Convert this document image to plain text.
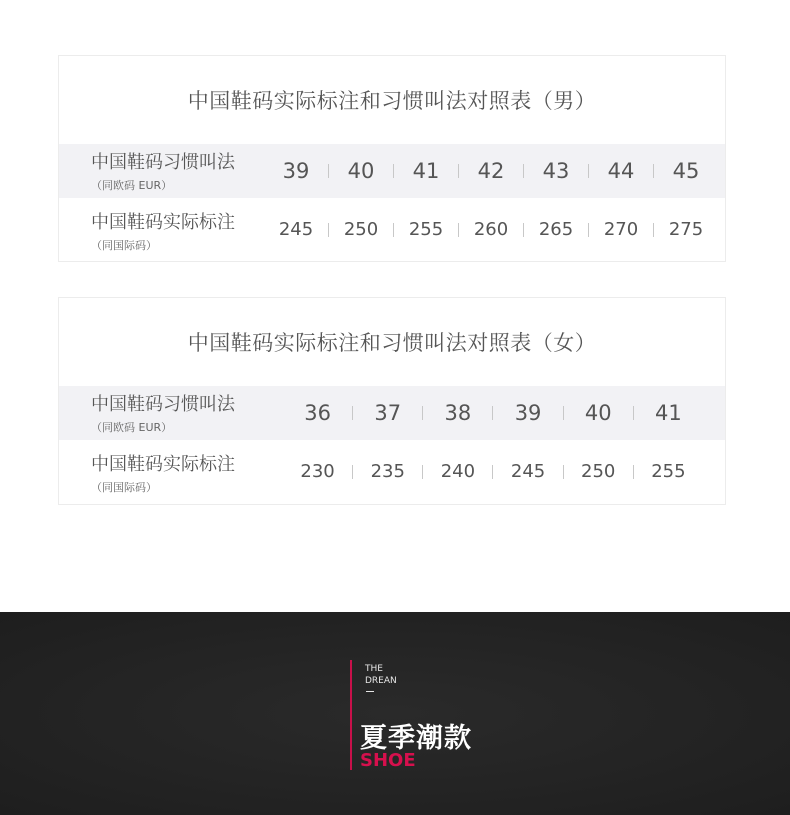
中国鞋码实际标注和习惯叫法对照表（男）
中国鞋码习惯叫法
（同欧码 EUR）
39	40	41	42	43	44	45
中国鞋码实际标注
（同国际码）
245	250	255	260	265	270	275
中国鞋码实际标注和习惯叫法对照表（女）
中国鞋码习惯叫法
（同欧码 EUR）
36	37	38	39	40	41
中国鞋码实际标注
（同国际码）
230	235	240	245	250	255
THE
DREAN
夏季潮款
SHOE
